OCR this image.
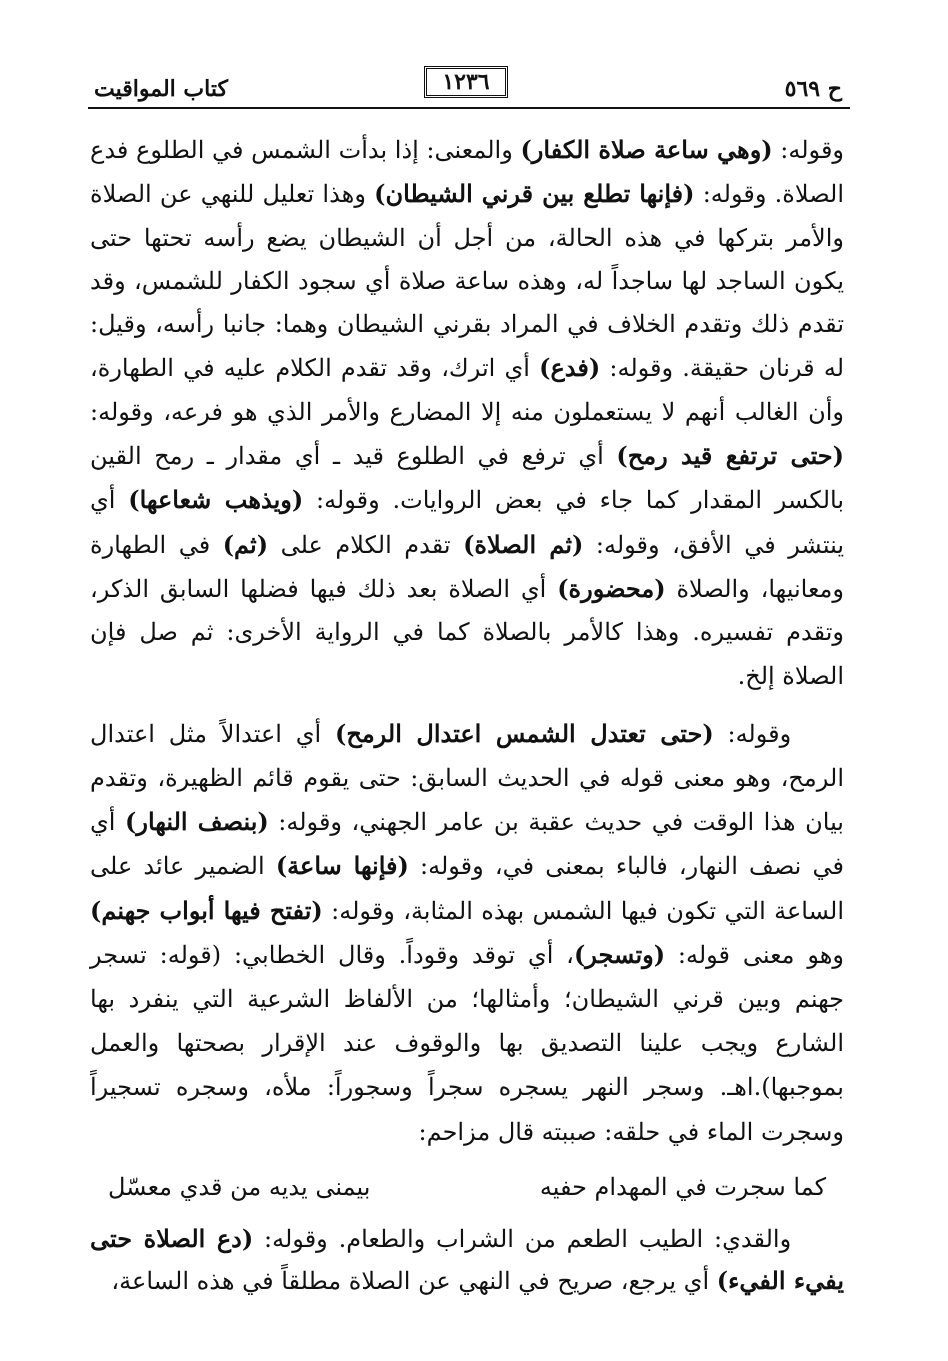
ح ٥٦٩
١٢٣٦
كتاب المواقيت

وقوله: (وهي ساعة صلاة الكفار) والمعنى: إذا بدأت الشمس في الطلوع فدع الصلاة. وقوله: (فإنها تطلع بين قرني الشيطان) وهذا تعليل للنهي عن الصلاة والأمر بتركها في هذه الحالة، من أجل أن الشيطان يضع رأسه تحتها حتى يكون الساجد لها ساجداً له، وهذه ساعة صلاة أي سجود الكفار للشمس، وقد تقدم ذلك وتقدم الخلاف في المراد بقرني الشيطان وهما: جانبا رأسه، وقيل: له قرنان حقيقة. وقوله: (فدع) أي اترك، وقد تقدم الكلام عليه في الطهارة، وأن الغالب أنهم لا يستعملون منه إلا المضارع والأمر الذي هو فرعه، وقوله: (حتى ترتفع قيد رمح) أي ترفع في الطلوع قيد ـ أي مقدار ـ رمح القين بالكسر المقدار كما جاء في بعض الروايات. وقوله: (ويذهب شعاعها) أي ينتشر في الأفق، وقوله: (ثم الصلاة) تقدم الكلام على (ثم) في الطهارة ومعانيها، والصلاة (محضورة) أي الصلاة بعد ذلك فيها فضلها السابق الذكر، وتقدم تفسيره. وهذا كالأمر بالصلاة كما في الرواية الأخرى: ثم صل فإن الصلاة إلخ.

وقوله: (حتى تعتدل الشمس اعتدال الرمح) أي اعتدالاً مثل اعتدال الرمح، وهو معنى قوله في الحديث السابق: حتى يقوم قائم الظهيرة، وتقدم بيان هذا الوقت في حديث عقبة بن عامر الجهني، وقوله: (بنصف النهار) أي في نصف النهار، فالباء بمعنى في، وقوله: (فإنها ساعة) الضمير عائد على الساعة التي تكون فيها الشمس بهذه المثابة، وقوله: (تفتح فيها أبواب جهنم) وهو معنى قوله: (وتسجر)، أي توقد وقوداً. وقال الخطابي: (قوله: تسجر جهنم وبين قرني الشيطان؛ وأمثالها؛ من الألفاظ الشرعية التي ينفرد بها الشارع ويجب علينا التصديق بها والوقوف عند الإقرار بصحتها والعمل بموجبها).اهـ. وسجر النهر يسجره سجراً وسجوراً: ملأه، وسجره تسجيراً وسجرت الماء في حلقه: صببته قال مزاحم:

كما سجرت في المهدام حفيه
بيمنى يديه من قدي معسّل

والقدي: الطيب الطعم من الشراب والطعام. وقوله: (دع الصلاة حتى يفيء الفيء) أي يرجع، صريح في النهي عن الصلاة مطلقاً في هذه الساعة،
